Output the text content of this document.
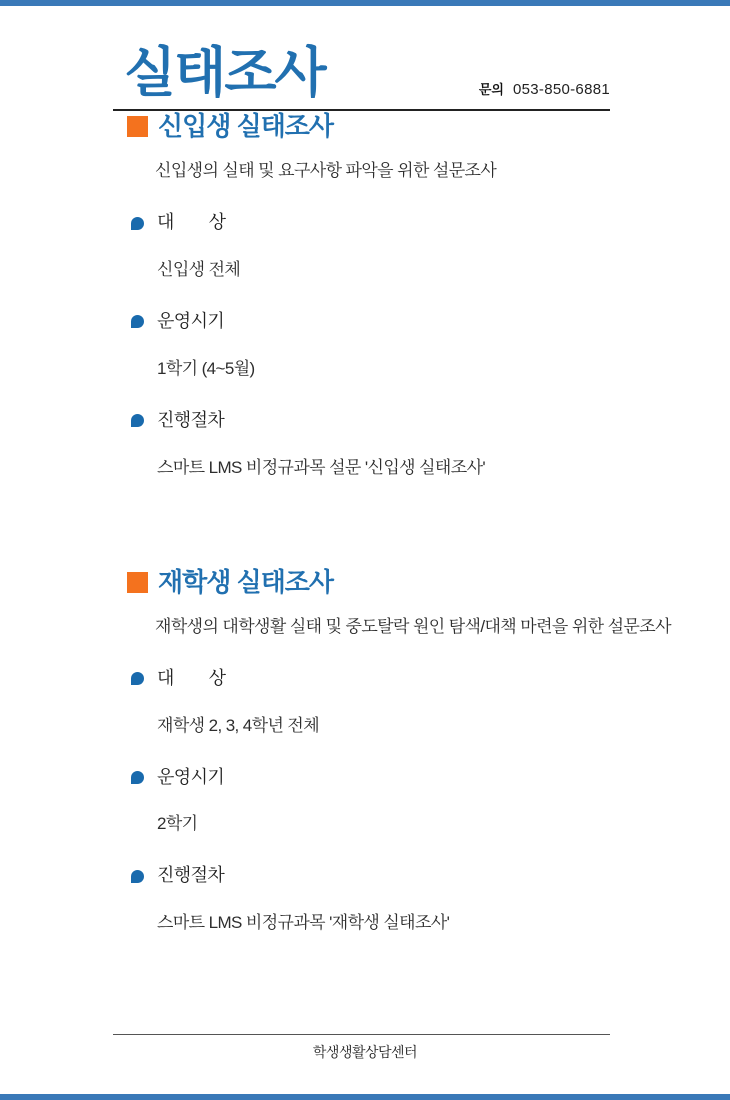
실태조사	문의 053-850-6881
신입생 실태조사
신입생의 실태 및 요구사항 파악을 위한 설문조사
대　　상
신입생 전체
운영시기
1학기 (4~5월)
진행절차
스마트 LMS 비정규과목 설문 '신입생 실태조사'
재학생 실태조사
재학생의 대학생활 실태 및 중도탈락 원인 탐색/대책 마련을 위한 설문조사
대　　상
재학생 2, 3, 4학년 전체
운영시기
2학기
진행절차
스마트 LMS 비정규과목 '재학생 실태조사'
학생생활상담센터
